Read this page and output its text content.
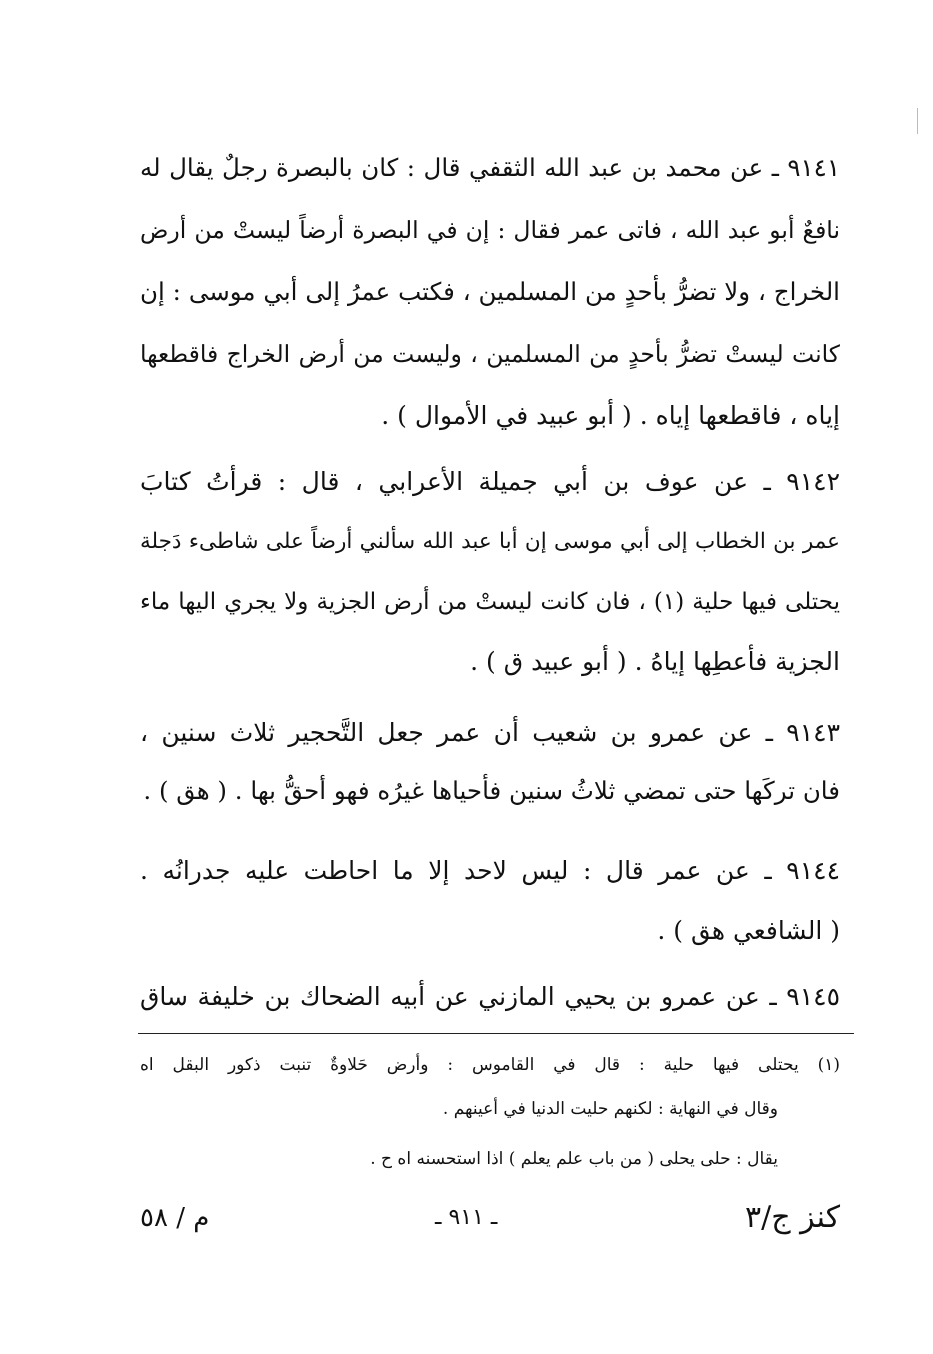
٩١٤١ ـ عن محمد بن عبد الله الثقفي قال : كان بالبصرة رجلٌ يقال له
نافعٌ أبو عبد الله ، فاتى عمر فقال : إن في البصرة أرضاً ليستْ من أرض
الخراج ، ولا تضرُّ بأحدٍ من المسلمين ، فكتب عمرُ إلى أبي موسى : إن
كانت ليستْ تضرُّ بأحدٍ من المسلمين ، وليست من أرض الخراج فاقطعها
إياه ، فاقطعها إياه . ( أبو عبيد في الأموال ) .
٩١٤٢ ـ عن عوف بن أبي جميلة الأعرابي ، قال : قرأتُ كتابَ
عمر بن الخطاب إلى أبي موسى إن أبا عبد الله سألني أرضاً على شاطىء دَجلة
يحتلى فيها حلية (١) ، فان كانت ليستْ من أرض الجزية ولا يجري اليها ماء
الجزية فأعطِها إياهُ . ( أبو عبيد ق ) .
٩١٤٣ ـ عن عمرو بن شعيب أن عمر جعل التَّحجير ثلاث سنين ،
فان تركَها حتى تمضي ثلاثُ سنين فأحياها غيرُه فهو أحقُّ بها . ( هق ) .
٩١٤٤ ـ عن عمر قال : ليس لاحد إلا ما احاطت عليه جدرانُه .
( الشافعي هق ) .
٩١٤٥ ـ عن عمرو بن يحيي المازني عن أبيه الضحاك بن خليفة ساق
(١) يحتلى فيها حلية : قال في القاموس : وأرض حَلاوةٌ تنبت ذكور البقل اه
وقال في النهاية : لكنهم حليت الدنيا في أعينهم .
يقال : حلى يحلى ( من باب علم يعلم ) اذا استحسنه اه ح .
كنز ج/٣
ـ ٩١١ ـ
م / ٥٨
